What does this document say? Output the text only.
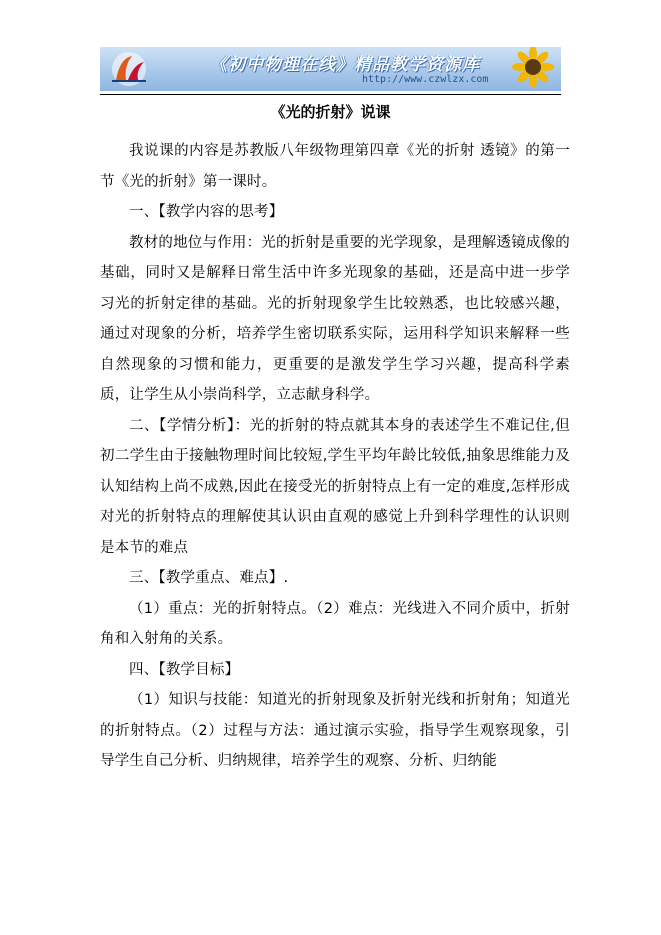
《初中物理在线》精品教学资源库
http://www.czwlzx.com
《光的折射》说课

我说课的内容是苏教版八年级物理第四章《光的折射 透镜》的第一节《光的折射》第一课时。

一、【教学内容的思考】

教材的地位与作用：光的折射是重要的光学现象，是理解透镜成像的基础，同时又是解释日常生活中许多光现象的基础，还是高中进一步学习光的折射定律的基础。光的折射现象学生比较熟悉，也比较感兴趣，通过对现象的分析，培养学生密切联系实际，运用科学知识来解释一些自然现象的习惯和能力，更重要的是激发学生学习兴趣，提高科学素质，让学生从小崇尚科学，立志献身科学。

二、【学情分析】：光的折射的特点就其本身的表述学生不难记住,但初二学生由于接触物理时间比较短,学生平均年龄比较低,抽象思维能力及认知结构上尚不成熟,因此在接受光的折射特点上有一定的难度,怎样形成对光的折射特点的理解使其认识由直观的感觉上升到科学理性的认识则是本节的难点

三、【教学重点、难点】.

（1）重点：光的折射特点。（2）难点：光线进入不同介质中，折射角和入射角的关系。

四、【教学目标】

（1）知识与技能：知道光的折射现象及折射光线和折射角；知道光的折射特点。（2）过程与方法：通过演示实验，指导学生观察现象，引导学生自己分析、归纳规律，培养学生的观察、分析、归纳能
